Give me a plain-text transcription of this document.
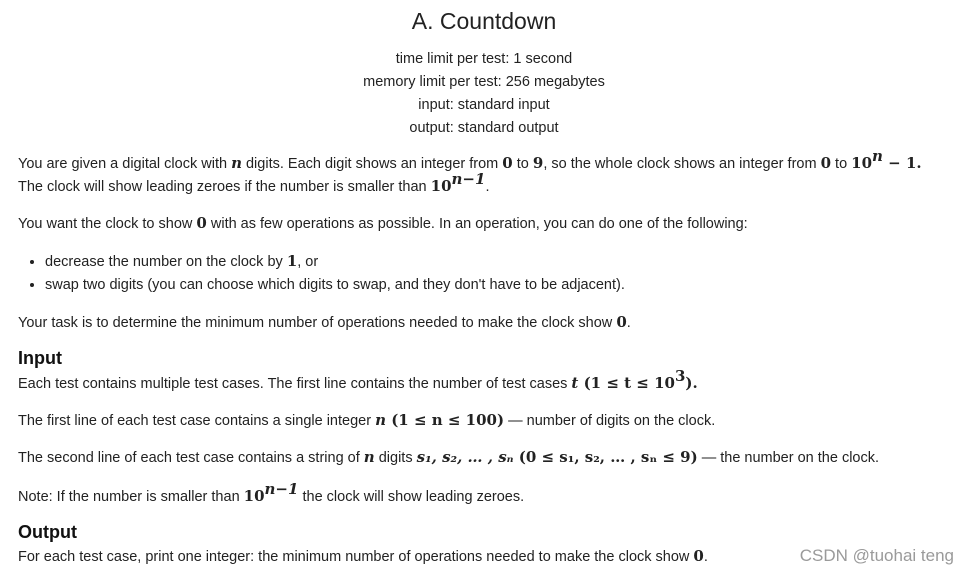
A. Countdown
time limit per test: 1 second
memory limit per test: 256 megabytes
input: standard input
output: standard output
You are given a digital clock with n digits. Each digit shows an integer from 0 to 9, so the whole clock shows an integer from 0 to $10^n - 1$.
The clock will show leading zeroes if the number is smaller than $10^{n-1}$.
You want the clock to show 0 with as few operations as possible. In an operation, you can do one of the following:
• decrease the number on the clock by 1, or
• swap two digits (you can choose which digits to swap, and they don't have to be adjacent).
Your task is to determine the minimum number of operations needed to make the clock show 0.
Input
Each test contains multiple test cases. The first line contains the number of test cases t $(1 \le t \le 10^3)$.
The first line of each test case contains a single integer n (1 ≤ n ≤ 100) — number of digits on the clock.
The second line of each test case contains a string of n digits s₁, s₂, … , sₙ (0 ≤ s₁, s₂, … , sₙ ≤ 9) — the number on the clock.
Note: If the number is smaller than $10^{n-1}$ the clock will show leading zeroes.
Output
For each test case, print one integer: the minimum number of operations needed to make the clock show 0.	CSDN @tuohai teng
